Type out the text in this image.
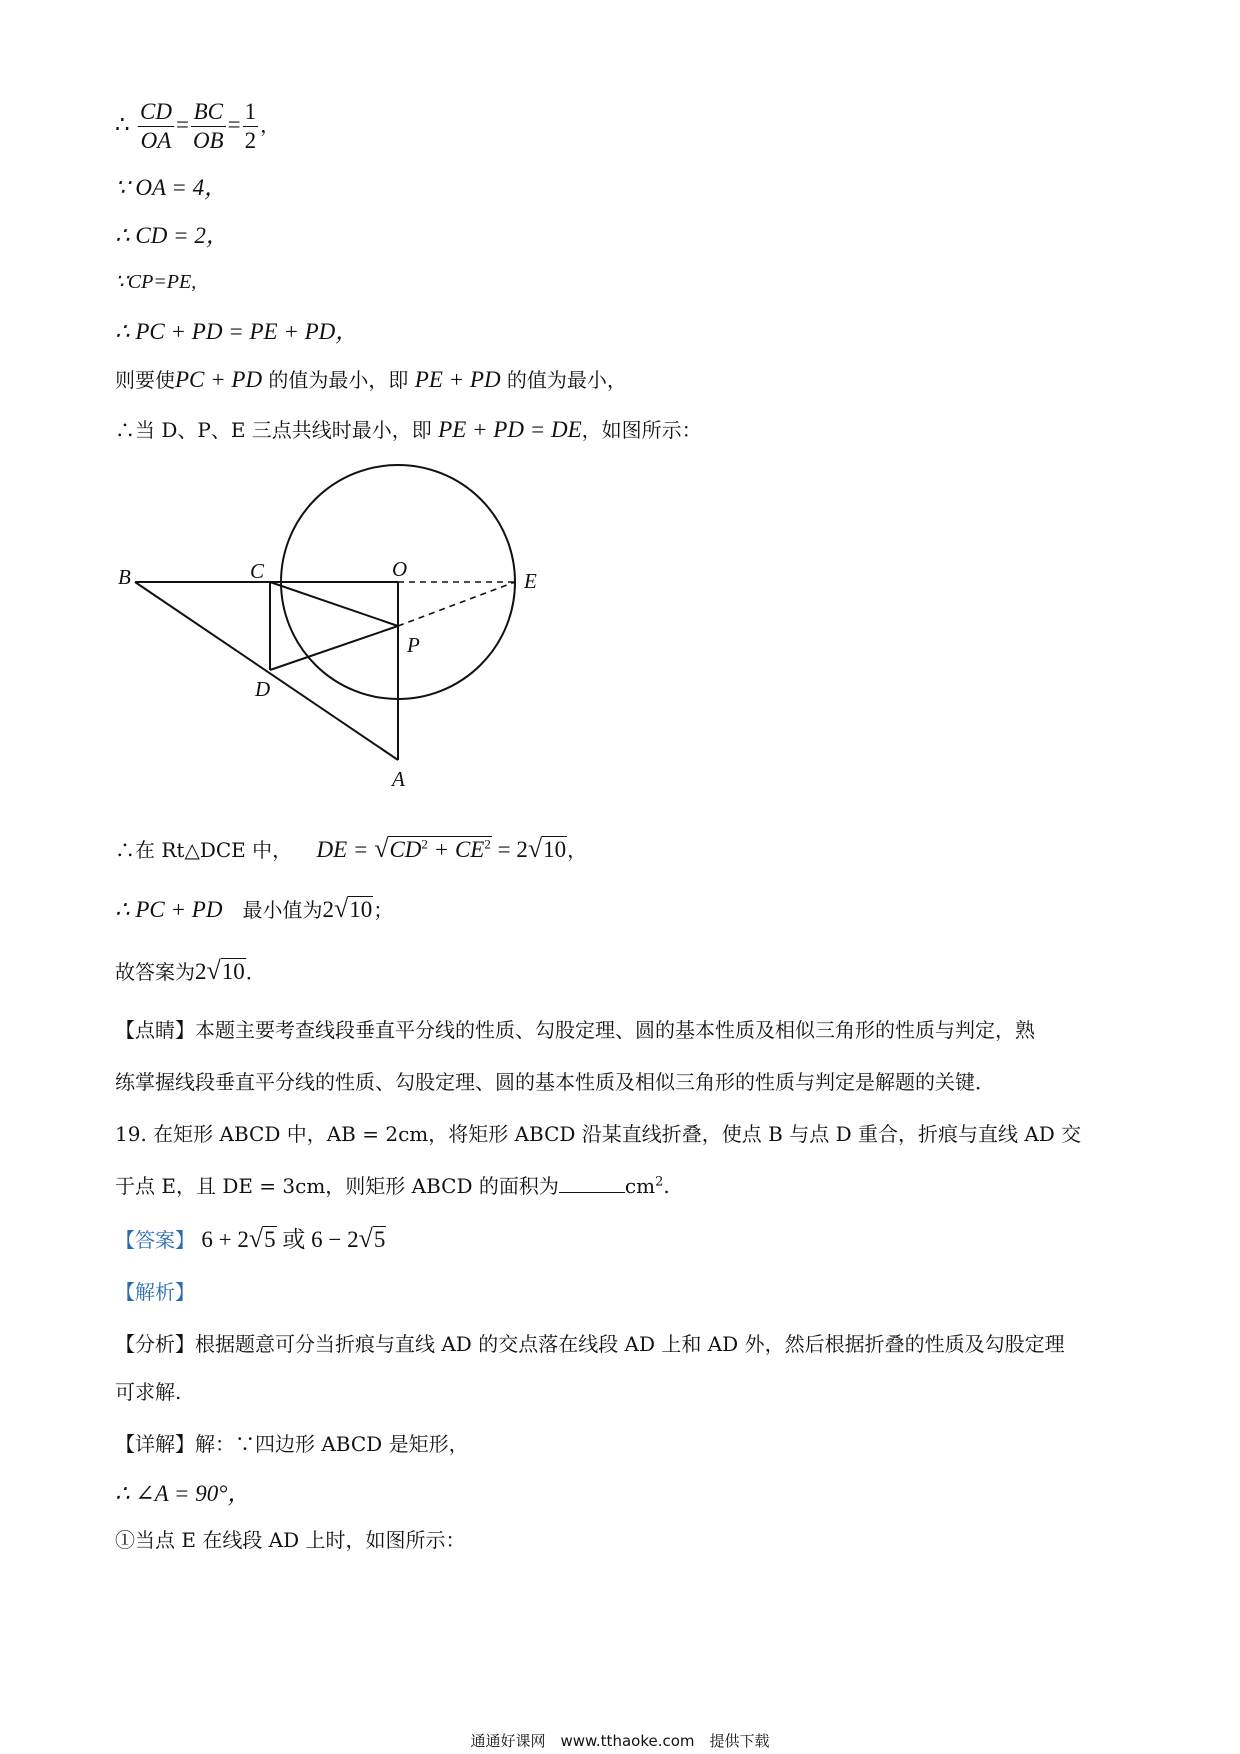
∴ $\frac{CD}{OA} = \frac{BC}{OB} = \frac{1}{2}$ ，
∵ OA = 4，
∴ CD = 2，
∵CP=PE,
∴ PC + PD = PE + PD，
则要使PC + PD 的值为最小，即 PE + PD 的值为最小，
∴当 D、P、E 三点共线时最小，即 PE + PD = DE，如图所示：
B	C	O	E
P
D
A
∴在 Rt△DCE 中， DE = $√CD^2 + CE^2 = 2√10$，
∴ PC + PD　最小值为2√10；
故答案为2√10．
【点睛】本题主要考查线段垂直平分线的性质、勾股定理、圆的基本性质及相似三角形的性质与判定，熟
练掌握线段垂直平分线的性质、勾股定理、圆的基本性质及相似三角形的性质与判定是解题的关键．
19. 在矩形 ABCD 中，AB = 2cm，将矩形 ABCD 沿某直线折叠，使点 B 与点 D 重合，折痕与直线 AD 交
于点 E，且 DE = 3cm，则矩形 ABCD 的面积为	$cm^2$.
【答案】 6 + 2√5 或 6 − 2√5
【解析】
【分析】根据题意可分当折痕与直线 AD 的交点落在线段 AD 上和 AD 外，然后根据折叠的性质及勾股定理
可求解.
【详解】解：∵四边形 ABCD 是矩形，
∴ ∠A = 90°，
①当点 E 在线段 AD 上时，如图所示：
通通好课网　www.tthaoke.com　提供下载
